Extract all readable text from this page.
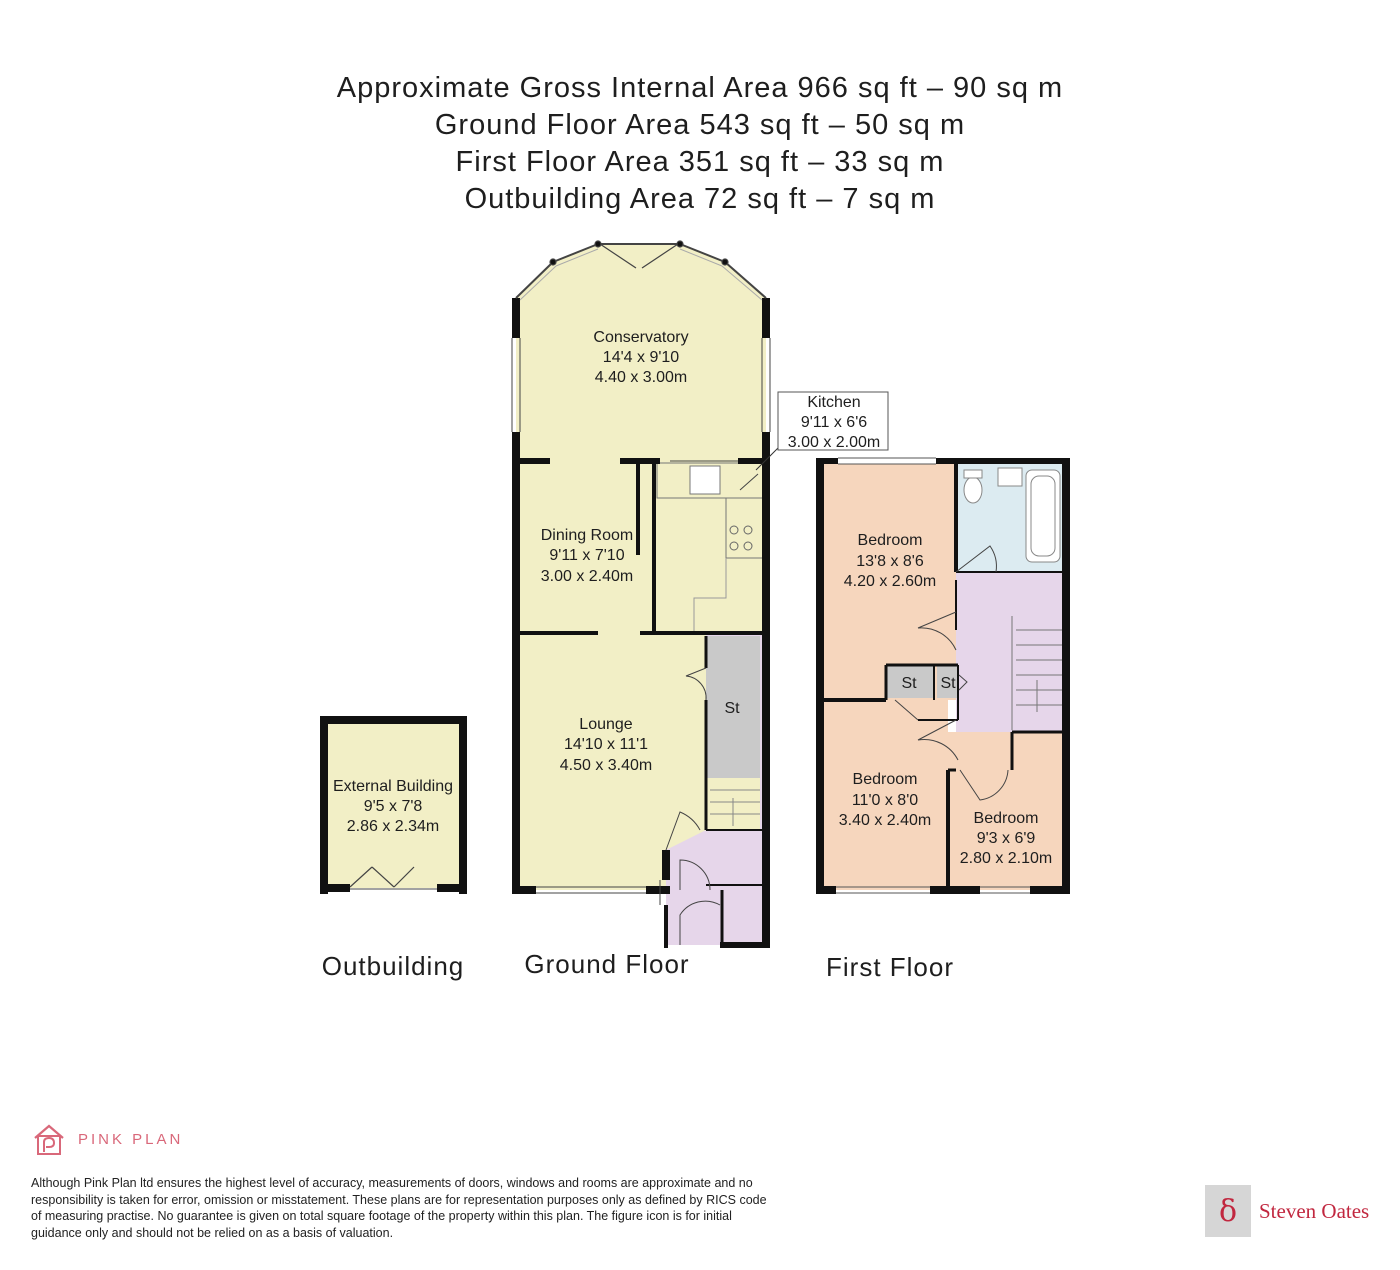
Approximate Gross Internal Area 966 sq ft – 90 sq m
Ground Floor Area 543 sq ft – 50 sq m
First Floor Area 351 sq ft – 33 sq m
Outbuilding Area 72 sq ft – 7 sq m
Conservatory
14'4 x 9'10
4.40 x 3.00m
Kitchen
9'11 x 6'6
3.00 x 2.00m
Dining Room
9'11 x 7'10
3.00 x 2.40m
Lounge
14'10 x 11'1
4.50 x 3.40m
St
External Building
9'5 x 7'8
2.86 x 2.34m
Bedroom
13'8 x 8'6
4.20 x 2.60m
St St
Bedroom
11'0 x 8'0
3.40 x 2.40m	Bedroom
9'3 x 6'9
2.80 x 2.10m
Outbuilding Ground Floor	First Floor
PINK PLAN
Although Pink Plan ltd ensures the highest level of accuracy, measurements of doors, windows and rooms are approximate and no responsibility is taken for error, omission or misstatement. These plans are for representation purposes only as defined by RICS code of measuring practise. No guarantee is given on total square footage of the property within this plan. The figure icon is for initial guidance only and should not be relied on as a basis of valuation.
δ	Steven Oates
